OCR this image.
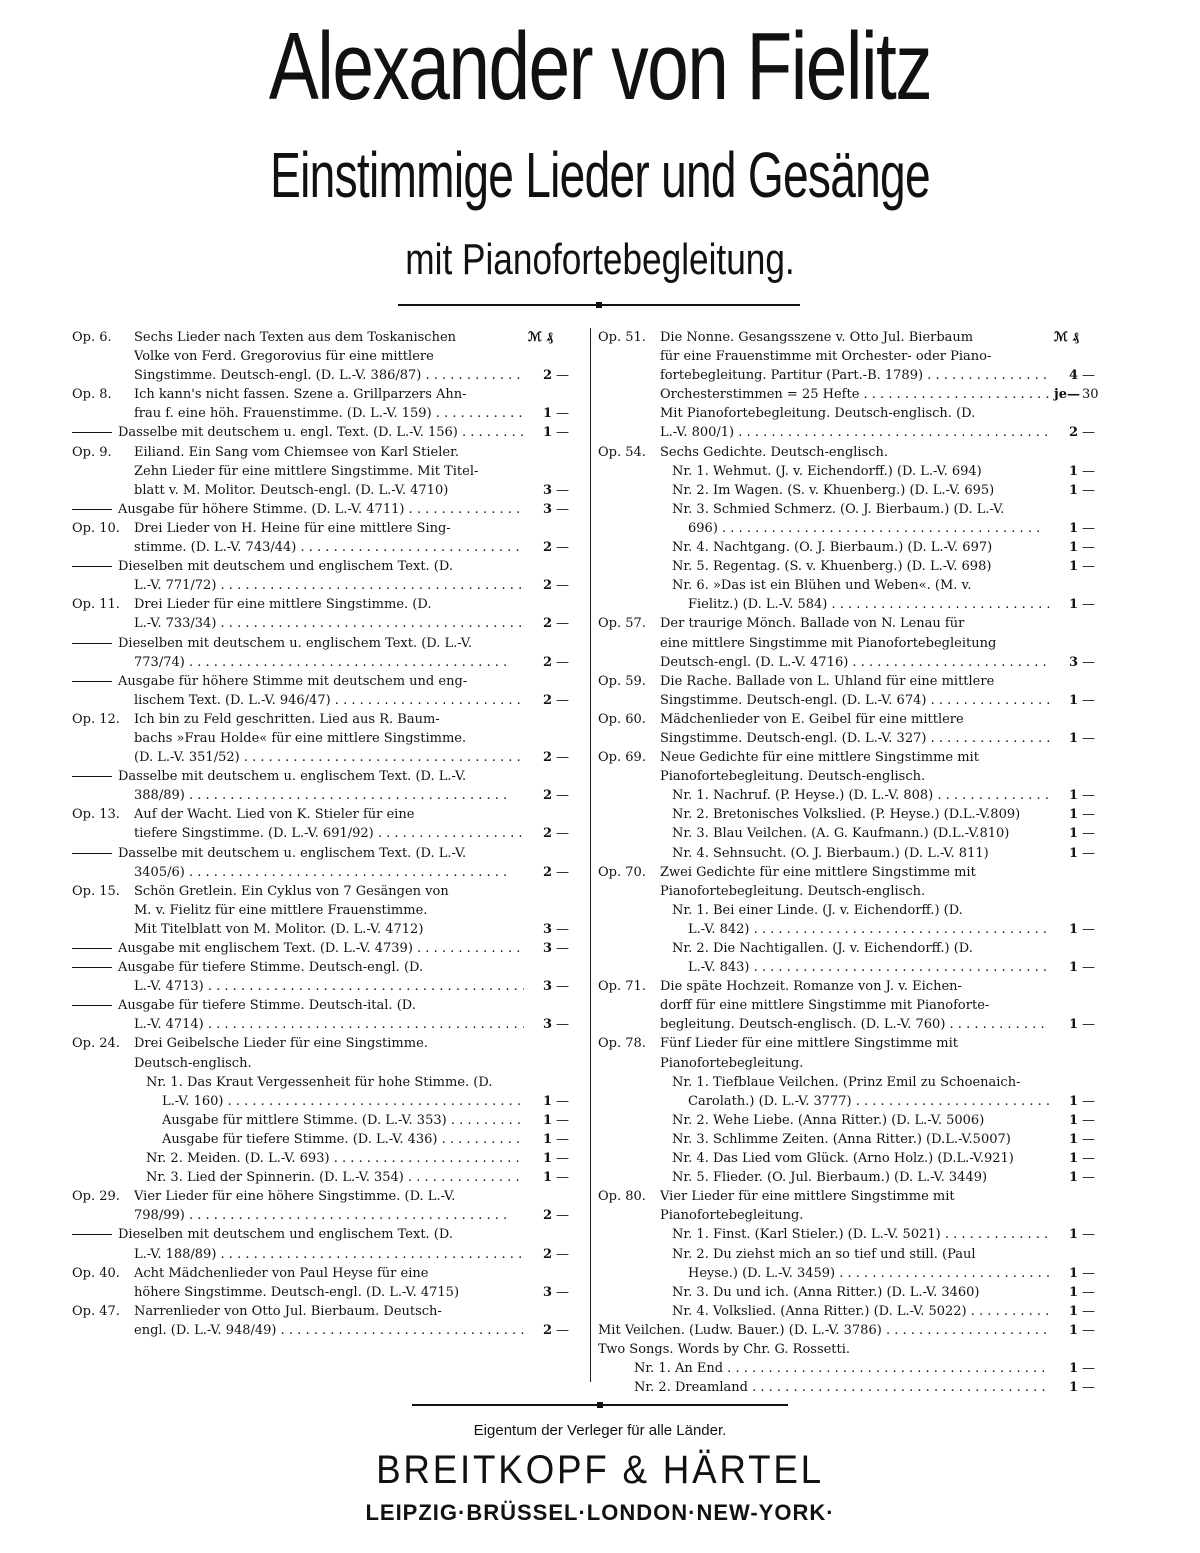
Alexander von Fielitz
Einstimmige Lieder und Gesänge
mit Pianofortebegleitung.
Op. 6. Sechs Lieder nach Texten aus dem Toskanischen	ℳ ₰
Volke von Ferd. Gregorovius für eine mittlere
Singstimme. Deutsch-engl. (D. L.-V. 386/87) . . .	2 —
Op. 8. Ich kann's nicht fassen. Szene a. Grillparzers Ahn-
frau f. eine höh. Frauenstimme. (D. L.-V. 159) . . .	1 —
Dasselbe mit deutschem u. engl. Text. (D. L.-V. 156) . . .	1 —
Op. 9. Eiliand. Ein Sang vom Chiemsee von Karl Stieler.
Zehn Lieder für eine mittlere Singstimme. Mit Titel-
blatt v. M. Molitor. Deutsch-engl. (D. L.-V. 4710)	3 —
Ausgabe für höhere Stimme. (D. L.-V. 4711) . . .	3 —
Op. 10. Drei Lieder von H. Heine für eine mittlere Sing-
stimme. (D. L.-V. 743/44) . . .	2 —
Dieselben mit deutschem und englischem Text. (D.
L.-V. 771/72) . . .	2 —
Op. 11. Drei Lieder für eine mittlere Singstimme. (D.
L.-V. 733/34) . . .	2 —
Dieselben mit deutschem u. englischem Text. (D. L.-V.
773/74) . . .	2 —
Ausgabe für höhere Stimme mit deutschem und eng-
lischem Text. (D. L.-V. 946/47) . . .	2 —
Op. 12. Ich bin zu Feld geschritten. Lied aus R. Baum-
bachs »Frau Holde« für eine mittlere Singstimme.
(D. L.-V. 351/52) . . .	2 —
Dasselbe mit deutschem u. englischem Text. (D. L.-V.
388/89) . . .	2 —
Op. 13. Auf der Wacht. Lied von K. Stieler für eine
tiefere Singstimme. (D. L.-V. 691/92) . . .	2 —
Dasselbe mit deutschem u. englischem Text. (D. L.-V.
3405/6) . . .	2 —
Op. 15. Schön Gretlein. Ein Cyklus von 7 Gesängen von
M. v. Fielitz für eine mittlere Frauenstimme.
Mit Titelblatt von M. Molitor. (D. L.-V. 4712)	3 —
Ausgabe mit englischem Text. (D. L.-V. 4739) . . .	3 —
Ausgabe für tiefere Stimme. Deutsch-engl. (D.
L.-V. 4713) . . .	3 —
Ausgabe für tiefere Stimme. Deutsch-ital. (D.
L.-V. 4714) . . .	3 —
Op. 24. Drei Geibelsche Lieder für eine Singstimme.
Deutsch-englisch.
Nr. 1. Das Kraut Vergessenheit für hohe Stimme. (D.
L.-V. 160) . . .	1 —
Ausgabe für mittlere Stimme. (D. L.-V. 353) . . .	1 —
Ausgabe für tiefere Stimme. (D. L.-V. 436) . . .	1 —
Nr. 2. Meiden. (D. L.-V. 693) . . .	1 —
Nr. 3. Lied der Spinnerin. (D. L.-V. 354) . . .	1 —
Op. 29. Vier Lieder für eine höhere Singstimme. (D. L.-V.
798/99) . . .	2 —
Dieselben mit deutschem und englischem Text. (D.
L.-V. 188/89) . . .	2 —
Op. 40. Acht Mädchenlieder von Paul Heyse für eine
höhere Singstimme. Deutsch-engl. (D. L.-V. 4715)	3 —
Op. 47. Narrenlieder von Otto Jul. Bierbaum. Deutsch-
engl. (D. L.-V. 948/49) . . .	2 —
Op. 51. Die Nonne. Gesangsszene v. Otto Jul. Bierbaum	ℳ ₰
für eine Frauenstimme mit Orchester- oder Piano-
fortebegleitung. Partitur (Part.-B. 1789) . . .	4 —
Orchesterstimmen = 25 Hefte . . .	je— 30
Mit Pianofortebegleitung. Deutsch-englisch. (D.
L.-V. 800/1) . . .	2 —
Op. 54. Sechs Gedichte. Deutsch-englisch.
Nr. 1. Wehmut. (J. v. Eichendorff.) (D. L.-V. 694)	1 —
Nr. 2. Im Wagen. (S. v. Khuenberg.) (D. L.-V. 695)	1 —
Nr. 3. Schmied Schmerz. (O. J. Bierbaum.) (D. L.-V.
696) . . .	1 —
Nr. 4. Nachtgang. (O. J. Bierbaum.) (D. L.-V. 697)	1 —
Nr. 5. Regentag. (S. v. Khuenberg.) (D. L.-V. 698)	1 —
Nr. 6. »Das ist ein Blühen und Weben«. (M. v.
Fielitz.) (D. L.-V. 584) . . .	1 —
Op. 57. Der traurige Mönch. Ballade von N. Lenau für
eine mittlere Singstimme mit Pianofortebegleitung
Deutsch-engl. (D. L.-V. 4716) . . .	3 —
Op. 59. Die Rache. Ballade von L. Uhland für eine mittlere
Singstimme. Deutsch-engl. (D. L.-V. 674) . . .	1 —
Op. 60. Mädchenlieder von E. Geibel für eine mittlere
Singstimme. Deutsch-engl. (D. L.-V. 327) . . .	1 —
Op. 69. Neue Gedichte für eine mittlere Singstimme mit
Pianofortebegleitung. Deutsch-englisch.
Nr. 1. Nachruf. (P. Heyse.) (D. L.-V. 808) . . .	1 —
Nr. 2. Bretonisches Volkslied. (P. Heyse.) (D.L.-V.809)	1 —
Nr. 3. Blau Veilchen. (A. G. Kaufmann.) (D.L.-V.810)	1 —
Nr. 4. Sehnsucht. (O. J. Bierbaum.) (D. L.-V. 811)	1 —
Op. 70. Zwei Gedichte für eine mittlere Singstimme mit
Pianofortebegleitung. Deutsch-englisch.
Nr. 1. Bei einer Linde. (J. v. Eichendorff.) (D.
L.-V. 842) . . .	1 —
Nr. 2. Die Nachtigallen. (J. v. Eichendorff.) (D.
L.-V. 843) . . .	1 —
Op. 71. Die späte Hochzeit. Romanze von J. v. Eichen-
dorff für eine mittlere Singstimme mit Pianoforte-
begleitung. Deutsch-englisch. (D. L.-V. 760) . . .	1 —
Op. 78. Fünf Lieder für eine mittlere Singstimme mit
Pianofortebegleitung.
Nr. 1. Tiefblaue Veilchen. (Prinz Emil zu Schoenaich-
Carolath.) (D. L.-V. 3777) . . .	1 —
Nr. 2. Wehe Liebe. (Anna Ritter.) (D. L.-V. 5006)	1 —
Nr. 3. Schlimme Zeiten. (Anna Ritter.) (D.L.-V.5007)	1 —
Nr. 4. Das Lied vom Glück. (Arno Holz.) (D.L.-V.921)	1 —
Nr. 5. Flieder. (O. Jul. Bierbaum.) (D. L.-V. 3449)	1 —
Op. 80. Vier Lieder für eine mittlere Singstimme mit
Pianofortebegleitung.
Nr. 1. Finst. (Karl Stieler.) (D. L.-V. 5021) . . .	1 —
Nr. 2. Du ziehst mich an so tief und still. (Paul
Heyse.) (D. L.-V. 3459) . . .	1 —
Nr. 3. Du und ich. (Anna Ritter.) (D. L.-V. 3460)	1 —
Nr. 4. Volkslied. (Anna Ritter.) (D. L.-V. 5022) . . .	1 —
Mit Veilchen. (Ludw. Bauer.) (D. L.-V. 3786) . . .	1 —
Two Songs. Words by Chr. G. Rossetti.
Nr. 1. An End . . .	1 —
Nr. 2. Dreamland . . .	1 —
Eigentum der Verleger für alle Länder.
BREITKOPF & HÄRTEL
LEIPZIG·BRÜSSEL·LONDON·NEW-YORK·
